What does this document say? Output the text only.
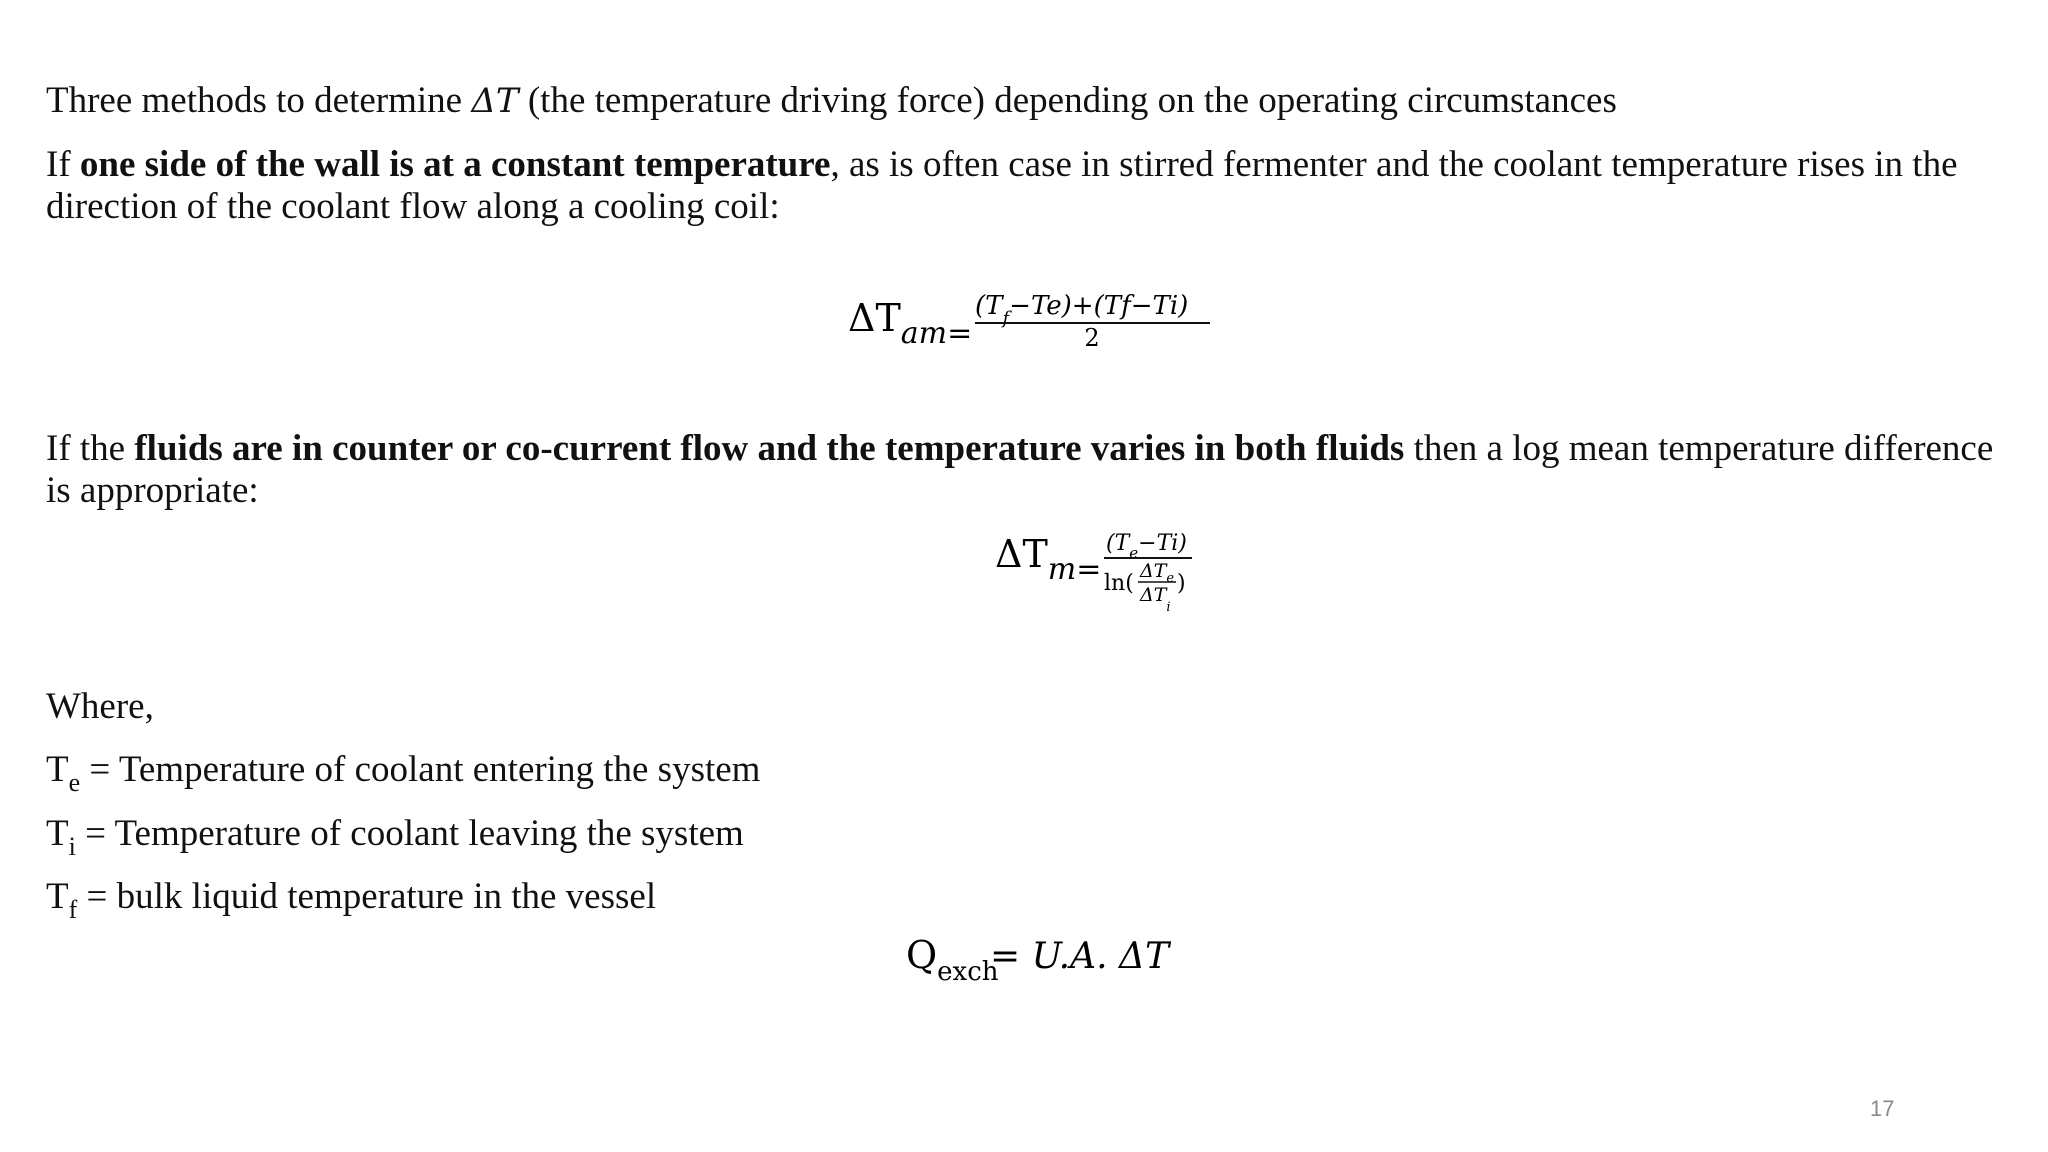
Three methods to determine ΔT (the temperature driving force) depending on the operating circumstances

If one side of the wall is at a constant temperature, as is often case in stirred fermenter and the coolant temperature rises in the direction of the coolant flow along a cooling coil:

$\Delta T_{am=}$
$(T_f-Te)+(Tf-Ti)$
2
$\Delta T_{m=}$
$(T_e-Ti)$
ln( $\Delta T_e$
$\Delta T_i$
)
$Q_{exch}$
= U.A. ΔT

If the fluids are in counter or co-current flow and the temperature varies in both fluids then a log mean temperature difference is appropriate:

Where,

$T_e$ = Temperature of coolant entering the system

$T_i$ = Temperature of coolant leaving the system

$T_f$ = bulk liquid temperature in the vessel

17
